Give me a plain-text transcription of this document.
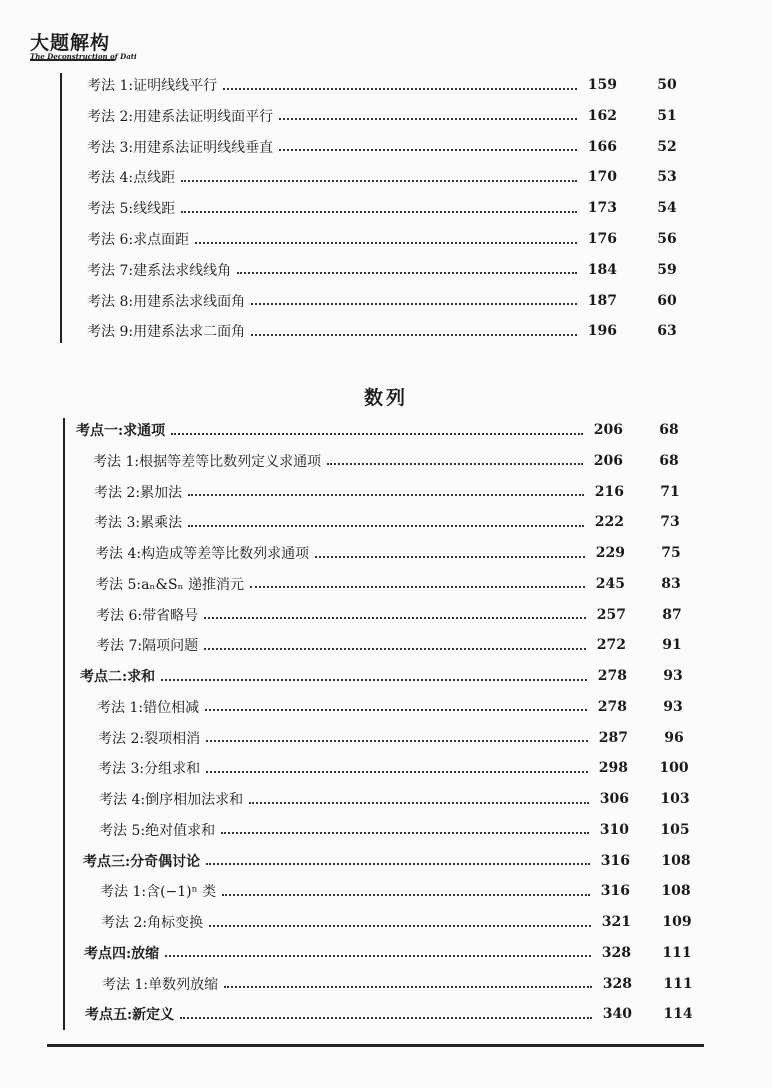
大题解构
The Deconstruction of Dati
考法 1:证明线线平行	159	50
考法 2:用建系法证明线面平行	162	51
考法 3:用建系法证明线线垂直	166	52
考法 4:点线距	170	53
考法 5:线线距	173	54
考法 6:求点面距	176	56
考法 7:建系法求线线角	184	59
考法 8:用建系法求线面角	187	60
考法 9:用建系法求二面角	196	63
数列
考点一:求通项	206	68
考法 1:根据等差等比数列定义求通项	206	68
考法 2:累加法	216	71
考法 3:累乘法	222	73
考法 4:构造成等差等比数列求通项	229	75
考法 5:aₙ&Sₙ 递推消元	245	83
考法 6:带省略号	257	87
考法 7:隔项问题	272	91
考点二:求和	278	93
考法 1:错位相减	278	93
考法 2:裂项相消	287	96
考法 3:分组求和	298	100
考法 4:倒序相加法求和	306	103
考法 5:绝对值求和	310	105
考点三:分奇偶讨论	316	108
考法 1:含(−1)ⁿ 类	316	108
考法 2:角标变换	321	109
考点四:放缩	328	111
考法 1:单数列放缩	328	111
考点五:新定义	340	114
